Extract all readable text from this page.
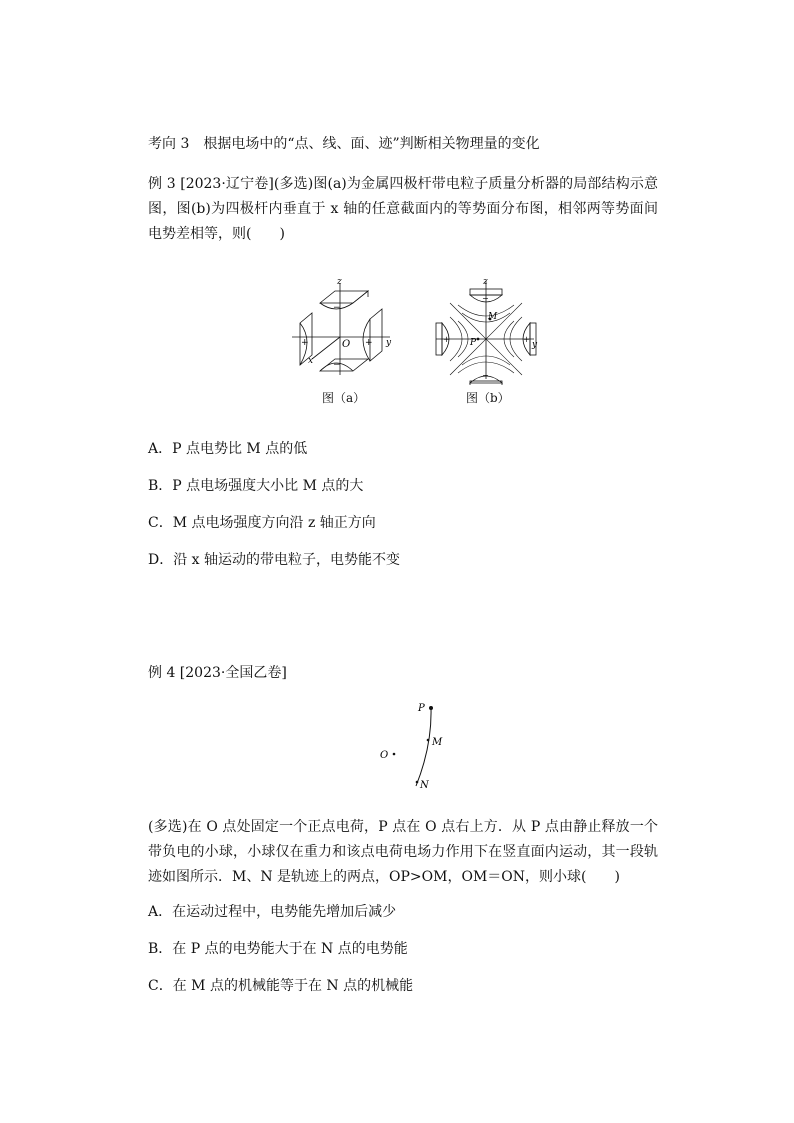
考向 3　根据电场中的“点、线、面、迹”判断相关物理量的变化
例 3 [2023·辽宁卷](多选)图(a)为金属四极杆带电粒子质量分析器的局部结构示意图，图(b)为四极杆内垂直于 x 轴的任意截面内的等势面分布图，相邻两等势面间电势差相等，则(　　)
z
y
x
O
−
−
+	+
图（a）
z
y
−
−
+	+
M
P
图（b）
A．P 点电势比 M 点的低
B．P 点电场强度大小比 M 点的大
C．M 点电场强度方向沿 z 轴正方向
D．沿 x 轴运动的带电粒子，电势能不变
例 4 [2023·全国乙卷]
P
M
N
O
(多选)在 O 点处固定一个正点电荷，P 点在 O 点右上方．从 P 点由静止释放一个带负电的小球，小球仅在重力和该点电荷电场力作用下在竖直面内运动，其一段轨迹如图所示．M、N 是轨迹上的两点，OP>OM，OM＝ON，则小球(　　)
A．在运动过程中，电势能先增加后减少
B．在 P 点的电势能大于在 N 点的电势能
C．在 M 点的机械能等于在 N 点的机械能
